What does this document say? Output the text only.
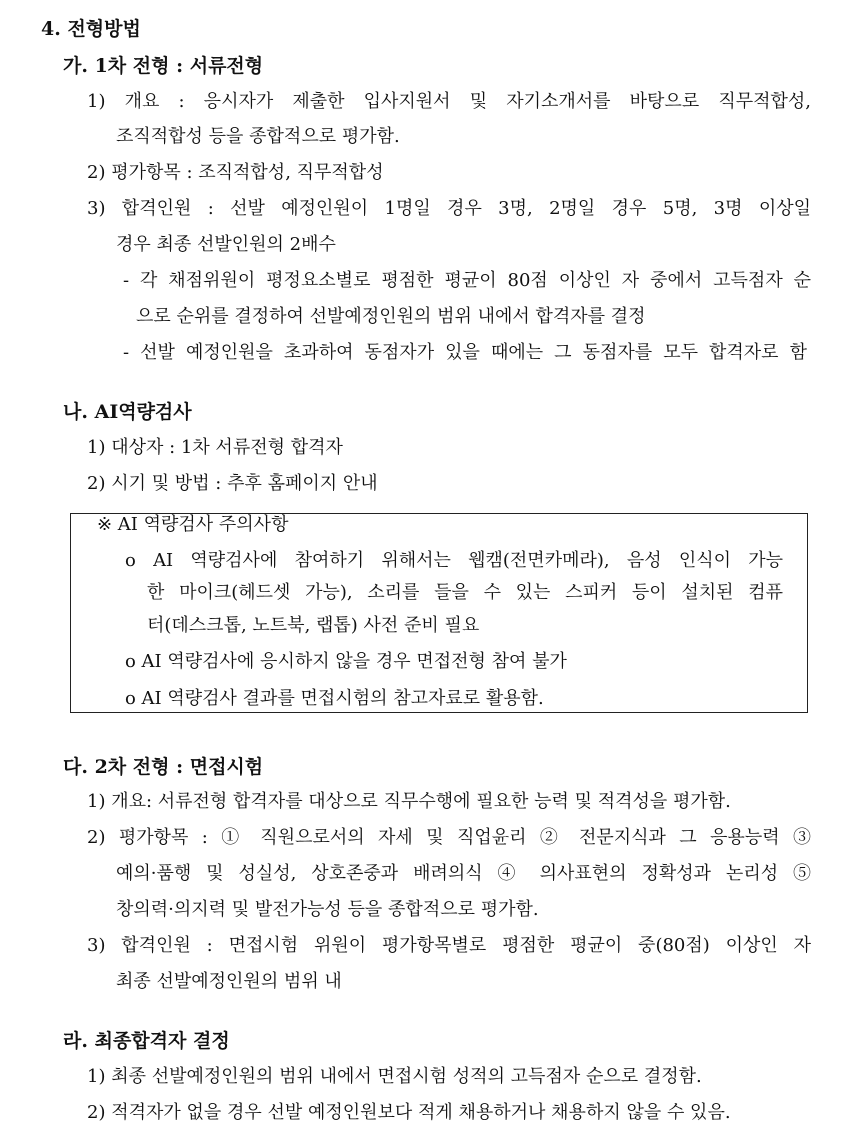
4. 전형방법
가. 1차 전형 : 서류전형
1) 개요 : 응시자가 제출한 입사지원서 및 자기소개서를 바탕으로 직무적합성,
조직적합성 등을 종합적으로 평가함.
2) 평가항목 : 조직적합성, 직무적합성
3) 합격인원 : 선발 예정인원이 1명일 경우 3명, 2명일 경우 5명, 3명 이상일
경우 최종 선발인원의 2배수
- 각 채점위원이 평정요소별로 평점한 평균이 80점 이상인 자 중에서 고득점자 순
으로 순위를 결정하여 선발예정인원의 범위 내에서 합격자를 결정
- 선발 예정인원을 초과하여 동점자가 있을 때에는 그 동점자를 모두 합격자로 함
나. AI역량검사
1) 대상자 : 1차 서류전형 합격자
2) 시기 및 방법 : 추후 홈페이지 안내
※ AI 역량검사 주의사항
o AI 역량검사에 참여하기 위해서는 웹캠(전면카메라), 음성 인식이 가능
한 마이크(헤드셋 가능), 소리를 들을 수 있는 스피커 등이 설치된 컴퓨
터(데스크톱, 노트북, 랩톱) 사전 준비 필요
o AI 역량검사에 응시하지 않을 경우 면접전형 참여 불가
o AI 역량검사 결과를 면접시험의 참고자료로 활용함.
다. 2차 전형 : 면접시험
1) 개요: 서류전형 합격자를 대상으로 직무수행에 필요한 능력 및 적격성을 평가함.
2) 평가항목 : ① 직원으로서의 자세 및 직업윤리 ② 전문지식과 그 응용능력 ③
예의·품행 및 성실성, 상호존중과 배려의식 ④ 의사표현의 정확성과 논리성 ⑤
창의력·의지력 및 발전가능성 등을 종합적으로 평가함.
3) 합격인원 : 면접시험 위원이 평가항목별로 평점한 평균이 중(80점) 이상인 자
최종 선발예정인원의 범위 내
라. 최종합격자 결정
1) 최종 선발예정인원의 범위 내에서 면접시험 성적의 고득점자 순으로 결정함.
2) 적격자가 없을 경우 선발 예정인원보다 적게 채용하거나 채용하지 않을 수 있음.
